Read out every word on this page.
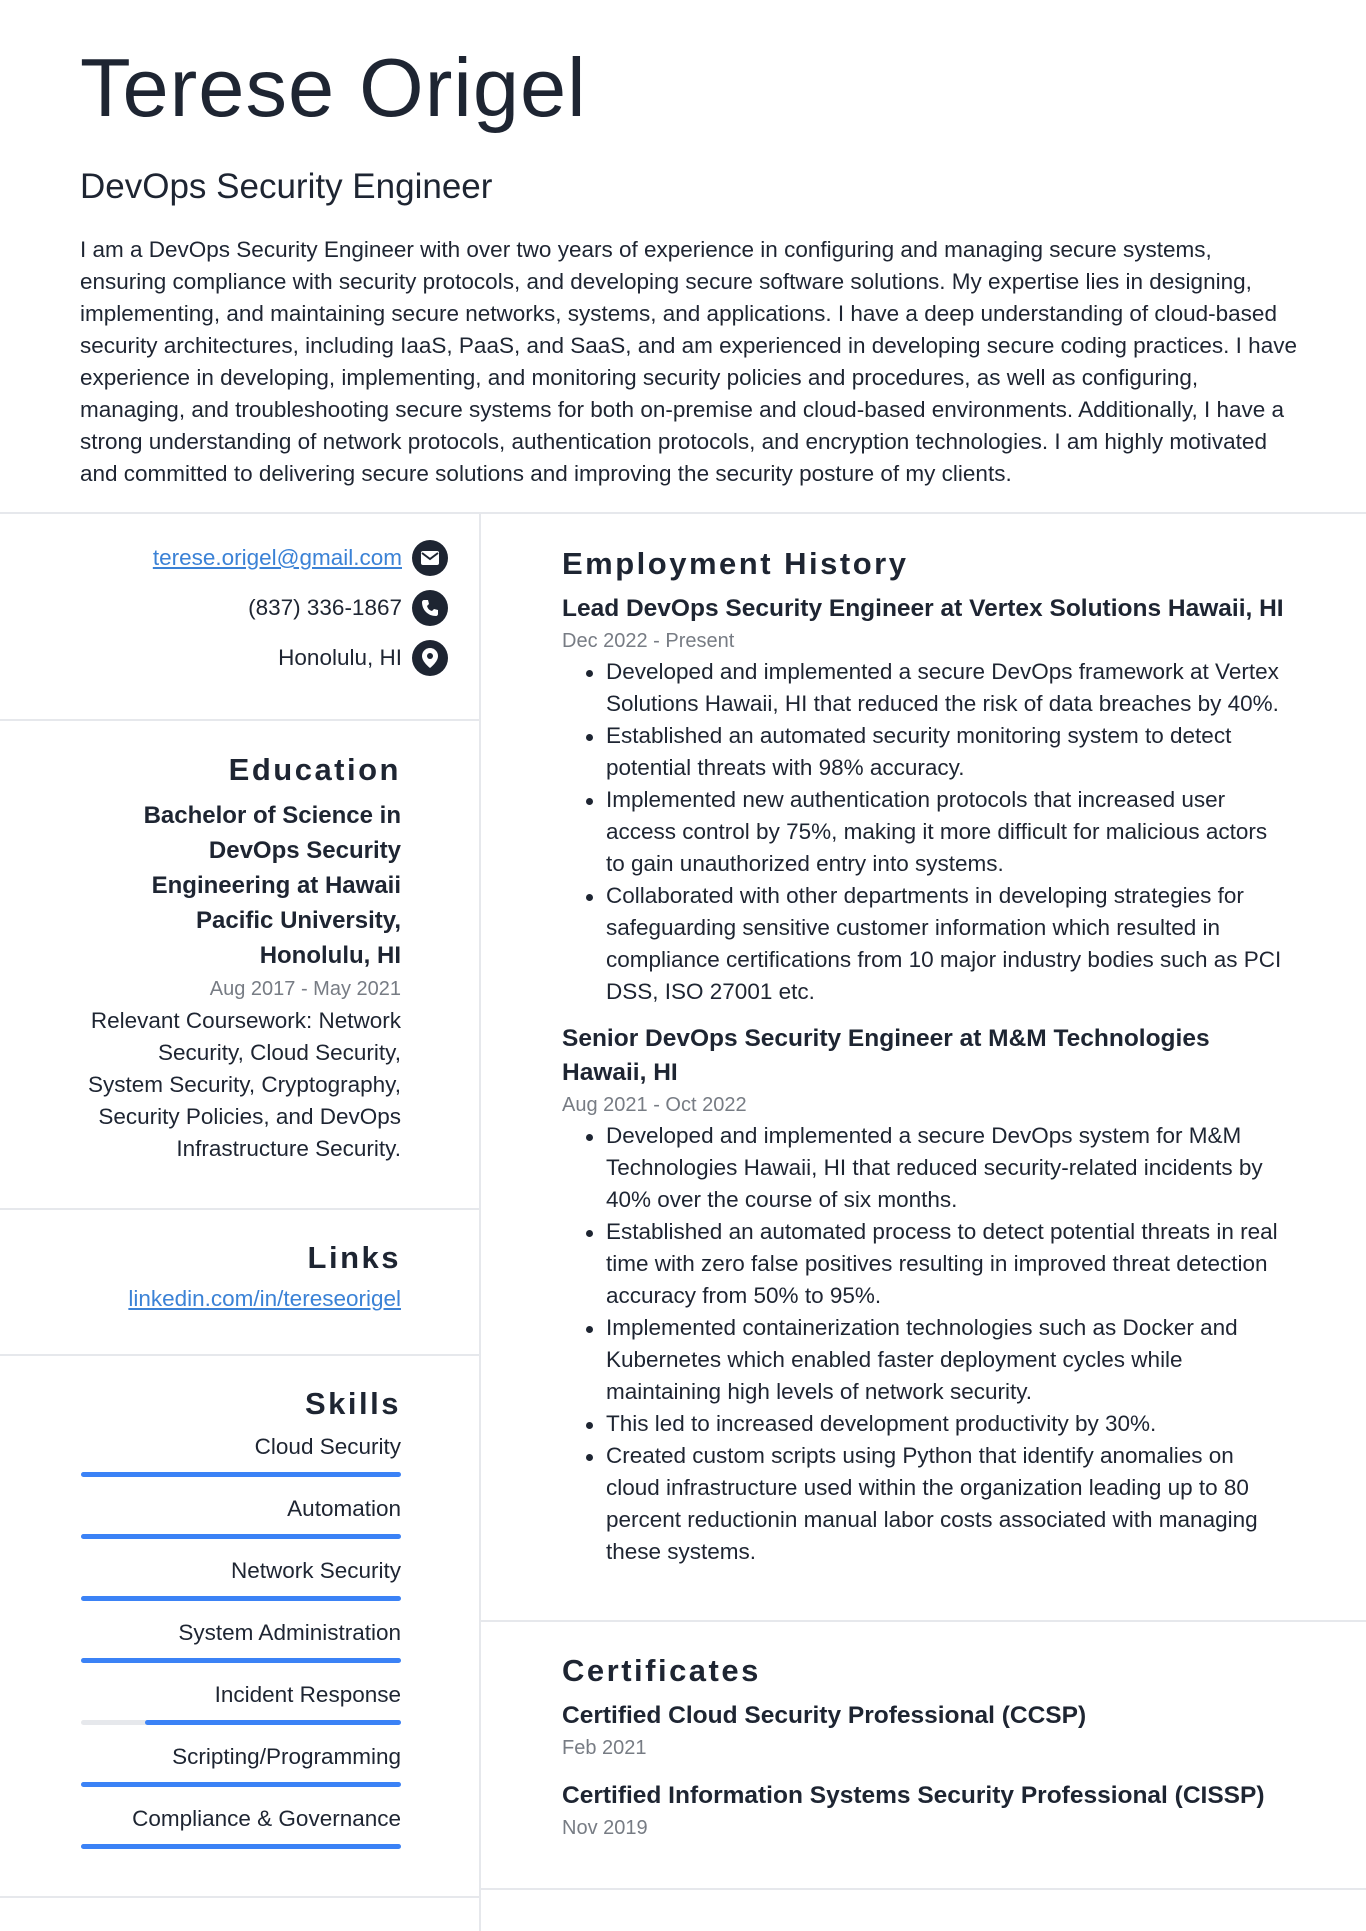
Terese Origel
DevOps Security Engineer
I am a DevOps Security Engineer with over two years of experience in configuring and managing secure systems, ensuring compliance with security protocols, and developing secure software solutions. My expertise lies in designing, implementing, and maintaining secure networks, systems, and applications. I have a deep understanding of cloud-based security architectures, including IaaS, PaaS, and SaaS, and am experienced in developing secure coding practices. I have experience in developing, implementing, and monitoring security policies and procedures, as well as configuring, managing, and troubleshooting secure systems for both on-premise and cloud-based environments. Additionally, I have a strong understanding of network protocols, authentication protocols, and encryption technologies. I am highly motivated and committed to delivering secure solutions and improving the security posture of my clients.
terese.origel@gmail.com
(837) 336-1867
Honolulu, HI
Education
Bachelor of Science in DevOps Security Engineering at Hawaii Pacific University, Honolulu, HI
Aug 2017 - May 2021
Relevant Coursework: Network Security, Cloud Security, System Security, Cryptography, Security Policies, and DevOps Infrastructure Security.
Links
linkedin.com/in/tereseorigel
Skills
Cloud Security
Automation
Network Security
System Administration
Incident Response
Scripting/Programming
Compliance & Governance
Employment History
Lead DevOps Security Engineer at Vertex Solutions Hawaii, HI
Dec 2022 - Present
Developed and implemented a secure DevOps framework at Vertex Solutions Hawaii, HI that reduced the risk of data breaches by 40%.
Established an automated security monitoring system to detect potential threats with 98% accuracy.
Implemented new authentication protocols that increased user access control by 75%, making it more difficult for malicious actors to gain unauthorized entry into systems.
Collaborated with other departments in developing strategies for safeguarding sensitive customer information which resulted in compliance certifications from 10 major industry bodies such as PCI DSS, ISO 27001 etc.
Senior DevOps Security Engineer at M&M Technologies Hawaii, HI
Aug 2021 - Oct 2022
Developed and implemented a secure DevOps system for M&M Technologies Hawaii, HI that reduced security-related incidents by 40% over the course of six months.
Established an automated process to detect potential threats in real time with zero false positives resulting in improved threat detection accuracy from 50% to 95%.
Implemented containerization technologies such as Docker and Kubernetes which enabled faster deployment cycles while maintaining high levels of network security.
This led to increased development productivity by 30%.
Created custom scripts using Python that identify anomalies on cloud infrastructure used within the organization leading up to 80 percent reductionin manual labor costs associated with managing these systems.
Certificates
Certified Cloud Security Professional (CCSP)
Feb 2021
Certified Information Systems Security Professional (CISSP)
Nov 2019
